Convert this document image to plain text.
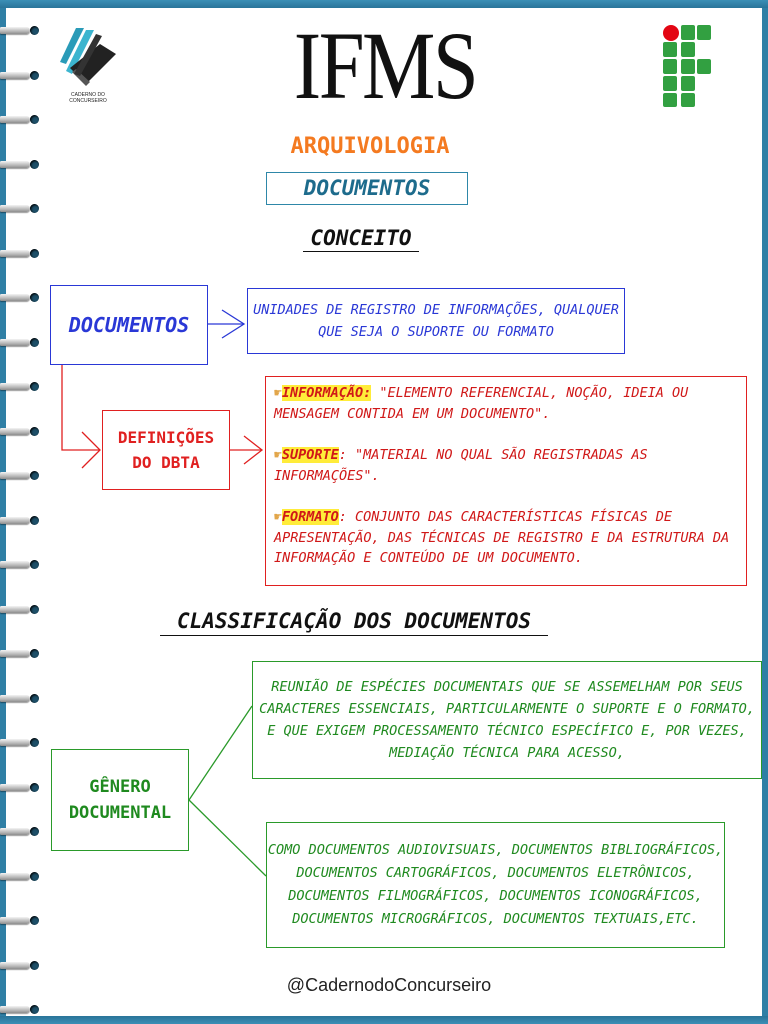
CADERNO DO CONCURSEIRO IFMS
ARQUIVOLOGIA
DOCUMENTOS
CONCEITO
DOCUMENTOS
UNIDADES DE REGISTRO DE INFORMAÇÕES, QUALQUER QUE SEJA O SUPORTE OU FORMATO
DEFINIÇÕES
DO DBTA

☛INFORMAÇÃO: "ELEMENTO REFERENCIAL, NOÇÃO, IDEIA OU MENSAGEM CONTIDA EM UM DOCUMENTO".

☛SUPORTE: "MATERIAL NO QUAL SÃO REGISTRADAS AS INFORMAÇÕES".

☛FORMATO: CONJUNTO DAS CARACTERÍSTICAS FÍSICAS DE APRESENTAÇÃO, DAS TÉCNICAS DE REGISTRO E DA ESTRUTURA DA INFORMAÇÃO E CONTEÚDO DE UM DOCUMENTO.

CLASSIFICAÇÃO DOS DOCUMENTOS
GÊNERO
DOCUMENTAL
REUNIÃO DE ESPÉCIES DOCUMENTAIS QUE SE ASSEMELHAM POR SEUS CARACTERES ESSENCIAIS, PARTICULARMENTE O SUPORTE E O FORMATO, E QUE EXIGEM PROCESSAMENTO TÉCNICO ESPECÍFICO E, POR VEZES, MEDIAÇÃO TÉCNICA PARA ACESSO,
COMO DOCUMENTOS AUDIOVISUAIS, DOCUMENTOS BIBLIOGRÁFICOS, DOCUMENTOS CARTOGRÁFICOS, DOCUMENTOS ELETRÔNICOS, DOCUMENTOS FILMOGRÁFICOS, DOCUMENTOS ICONOGRÁFICOS, DOCUMENTOS MICROGRÁFICOS, DOCUMENTOS TEXTUAIS,ETC.
@CadernodoConcurseiro
